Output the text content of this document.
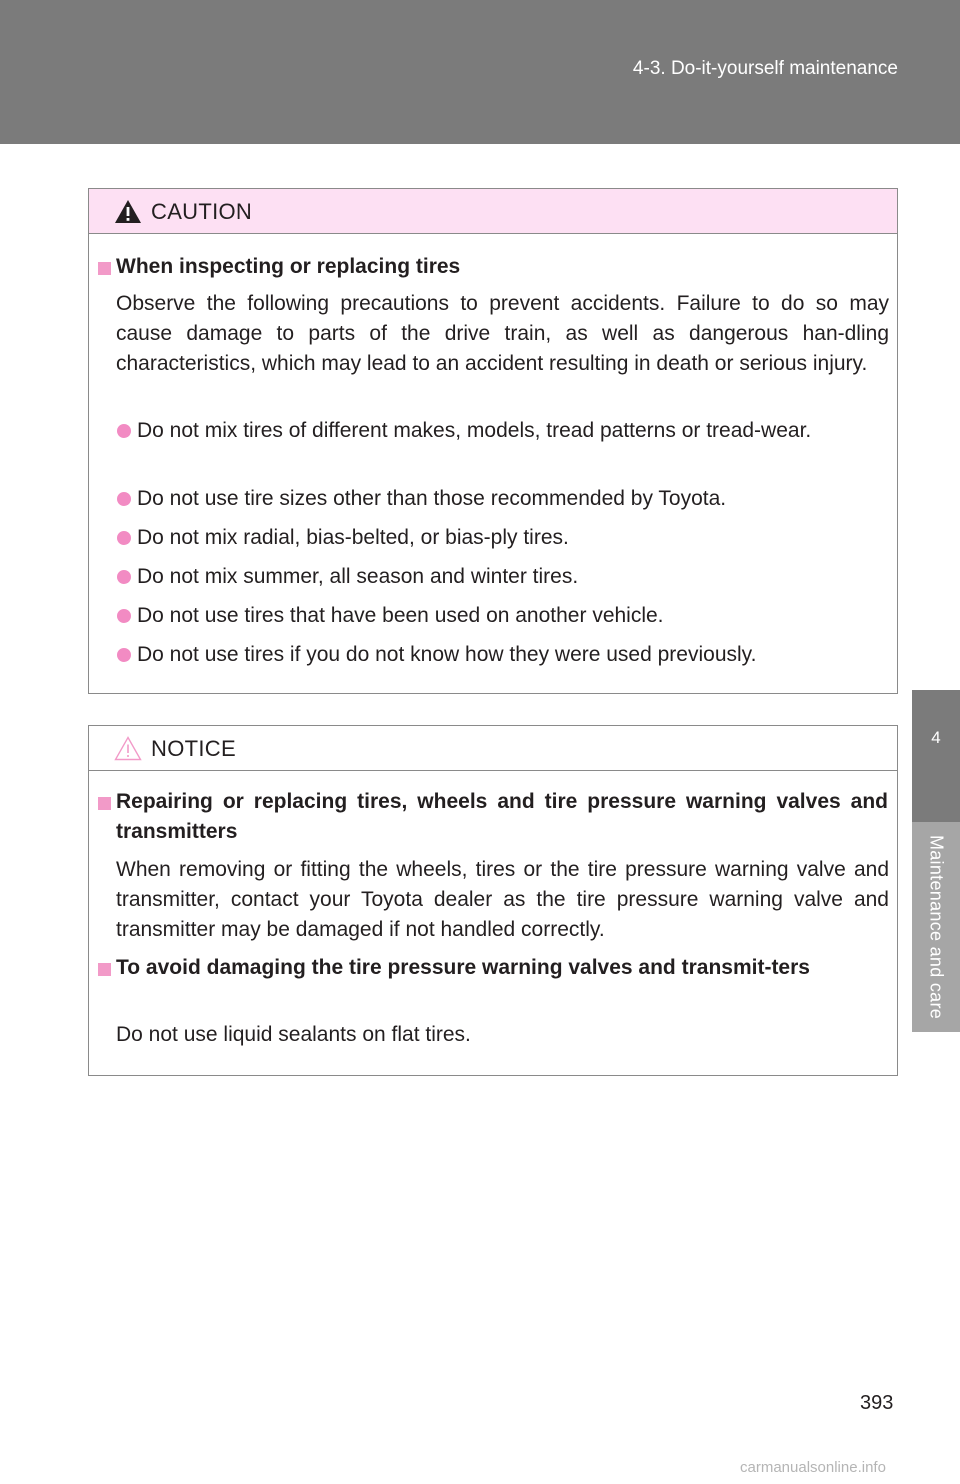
4-3. Do-it-yourself maintenance
4
Maintenance and care
CAUTION
When inspecting or replacing tires
Observe the following precautions to prevent accidents. Failure to do so may cause damage to parts of the drive train, as well as dangerous han-dling characteristics, which may lead to an accident resulting in death or serious injury.
Do not mix tires of different makes, models, tread patterns or tread-wear.
Do not use tire sizes other than those recommended by Toyota.
Do not mix radial, bias-belted, or bias-ply tires.
Do not mix summer, all season and winter tires.
Do not use tires that have been used on another vehicle.
Do not use tires if you do not know how they were used previously.
NOTICE
Repairing or replacing tires, wheels and tire pressure warning valves and transmitters
When removing or fitting the wheels, tires or the tire pressure warning valve and transmitter, contact your Toyota dealer as the tire pressure warning valve and transmitter may be damaged if not handled correctly.
To avoid damaging the tire pressure warning valves and transmit-ters
Do not use liquid sealants on flat tires.
393
carmanualsonline.info
